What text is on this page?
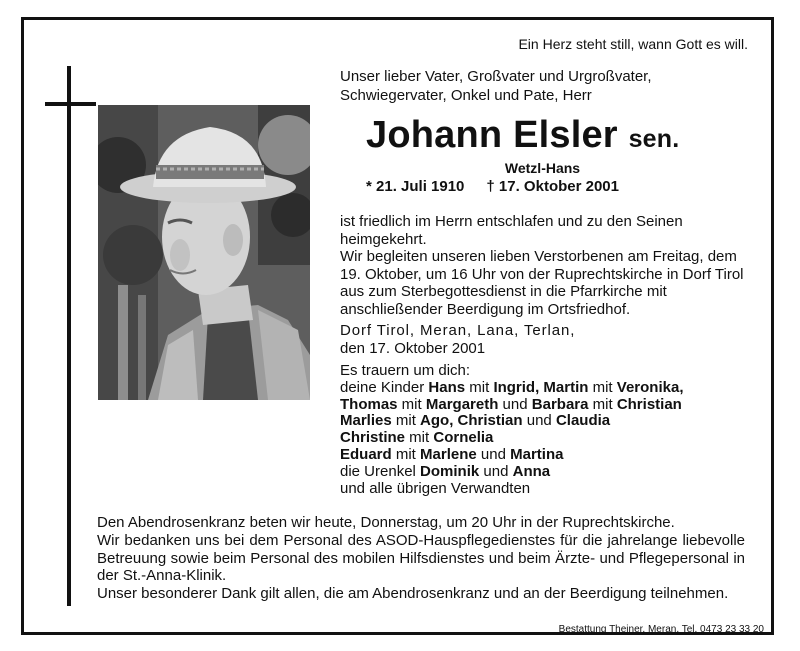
Ein Herz steht still, wann Gott es will.
Unser lieber Vater, Großvater und Urgroßvater, Schwiegervater, Onkel und Pate, Herr
Johann Elsler sen.
Wetzl-Hans
* 21. Juli 1910 † 17. Oktober 2001
ist friedlich im Herrn entschlafen und zu den Seinen heimgekehrt.
Wir begleiten unseren lieben Verstorbenen am Freitag, dem 19. Oktober, um 16 Uhr von der Ruprechtskirche in Dorf Tirol aus zum Sterbegottesdienst in die Pfarrkirche mit anschließender Beerdigung im Ortsfriedhof.
Dorf Tirol, Meran, Lana, Terlan,
den 17. Oktober 2001
Es trauern um dich:
deine Kinder Hans mit Ingrid, Martin mit Veronika,
Thomas mit Margareth und Barbara mit Christian
Marlies mit Ago, Christian und Claudia
Christine mit Cornelia
Eduard mit Marlene und Martina
die Urenkel Dominik und Anna
und alle übrigen Verwandten
Den Abendrosenkranz beten wir heute, Donnerstag, um 20 Uhr in der Ruprechtskirche.
Wir bedanken uns bei dem Personal des ASOD-Hauspflegedienstes für die jahrelange liebevolle Betreuung sowie beim Personal des mobilen Hilfsdienstes und beim Ärzte- und Pflegepersonal in der St.-Anna-Klinik.
Unser besonderer Dank gilt allen, die am Abendrosenkranz und an der Beerdigung teilnehmen.
Bestattung Theiner, Meran, Tel. 0473 23 33 20
